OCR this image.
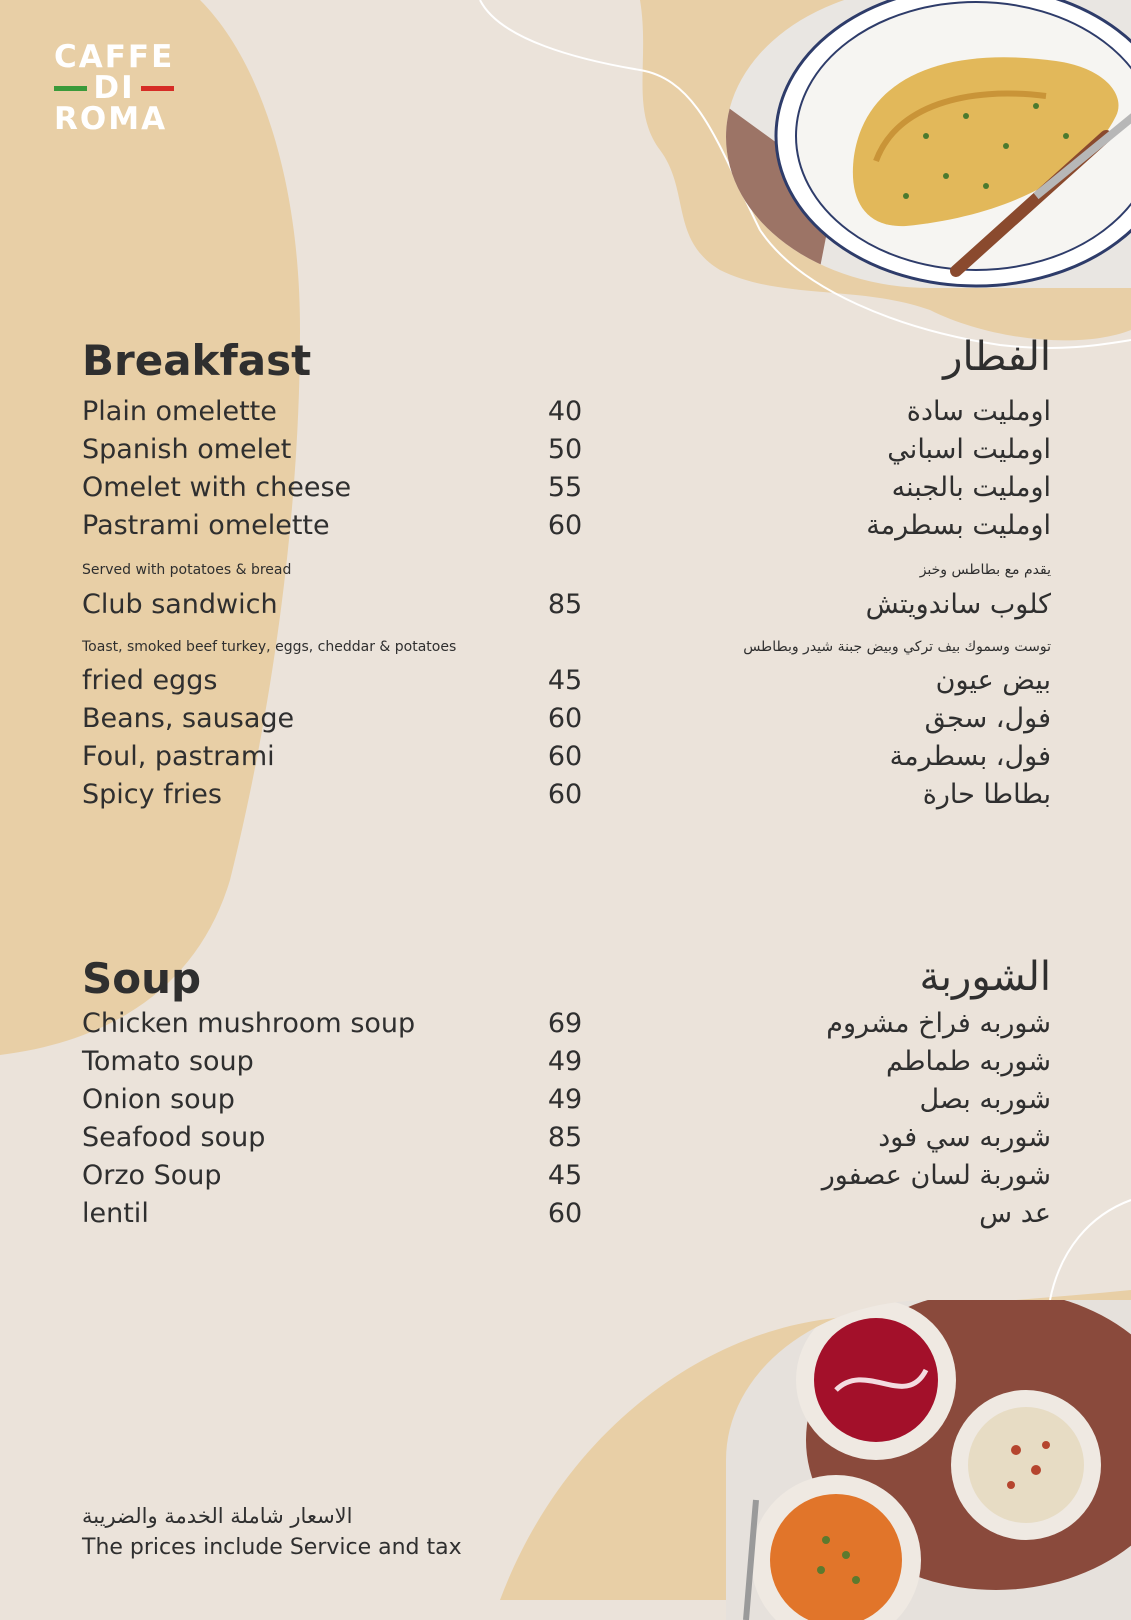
CAFFE
DI
ROMA
Breakfast	الفطار
Plain omelette	40	اومليت سادة
Spanish omelet	50	اومليت اسباني
Omelet with cheese	55	اومليت بالجبنه
Pastrami omelette	60	اومليت بسطرمة
Served with potatoes & bread	يقدم مع بطاطس وخبز
Club sandwich	85	كلوب ساندويتش
Toast, smoked beef turkey, eggs, cheddar & potatoes	توست وسموك بيف تركي وبيض جبنة شيدر وبطاطس
fried eggs	45	بيض عيون
Beans, sausage	60	فول، سجق
Foul, pastrami	60	فول، بسطرمة
Spicy fries	60	بطاطا حارة
Soup	الشوربة
Chicken mushroom soup	69	شوربه فراخ مشروم
Tomato soup	49	شوربه طماطم
Onion soup	49	شوربه بصل
Seafood soup	85	شوربه سي فود
Orzo Soup	45	شوربة لسان عصفور
lentil	60	عد س
الاسعار شاملة الخدمة والضريبة
The prices include Service and tax
